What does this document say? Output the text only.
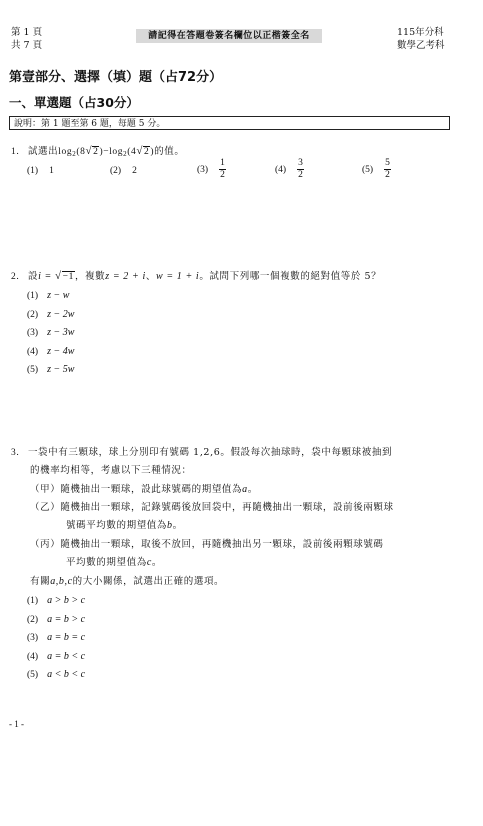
第 1 頁
共 7 頁
請記得在答題卷簽名欄位以正楷簽全名	115年分科
數學乙考科
第壹部分、選擇（填）題（占72分）
一、單選題（占30分）
說明：第 1 題至第 6 題，每題 5 分。
1. 試選出$\log_2(8√2)-\log_2(4√2)$的值。
(1) 1	(2) 2	$(3) \frac{1}{2}$	$(4) \frac{3}{2}$	$(5) \frac{5}{2}$
2. 設i = √−1，複數z = 2 + i、w = 1 + i。試問下列哪一個複數的絕對值等於 5？
(1) z − w
(2) z − 2w
(3) z − 3w
(4) z − 4w
(5) z − 5w
3. 一袋中有三顆球，球上分別印有號碼 1,2,6。假設每次抽球時，袋中每顆球被抽到
的機率均相等，考慮以下三種情況：
（甲）隨機抽出一顆球，設此球號碼的期望值為a。
（乙）隨機抽出一顆球，記錄號碼後放回袋中，再隨機抽出一顆球，設前後兩顆球
號碼平均數的期望值為b。
（丙）隨機抽出一顆球，取後不放回，再隨機抽出另一顆球，設前後兩顆球號碼
平均數的期望值為c。
有關a,b,c的大小關係，試選出正確的選項。
(1) a > b > c
(2) a = b > c
(3) a = b = c
(4) a = b < c
(5) a < b < c
- 1 -
